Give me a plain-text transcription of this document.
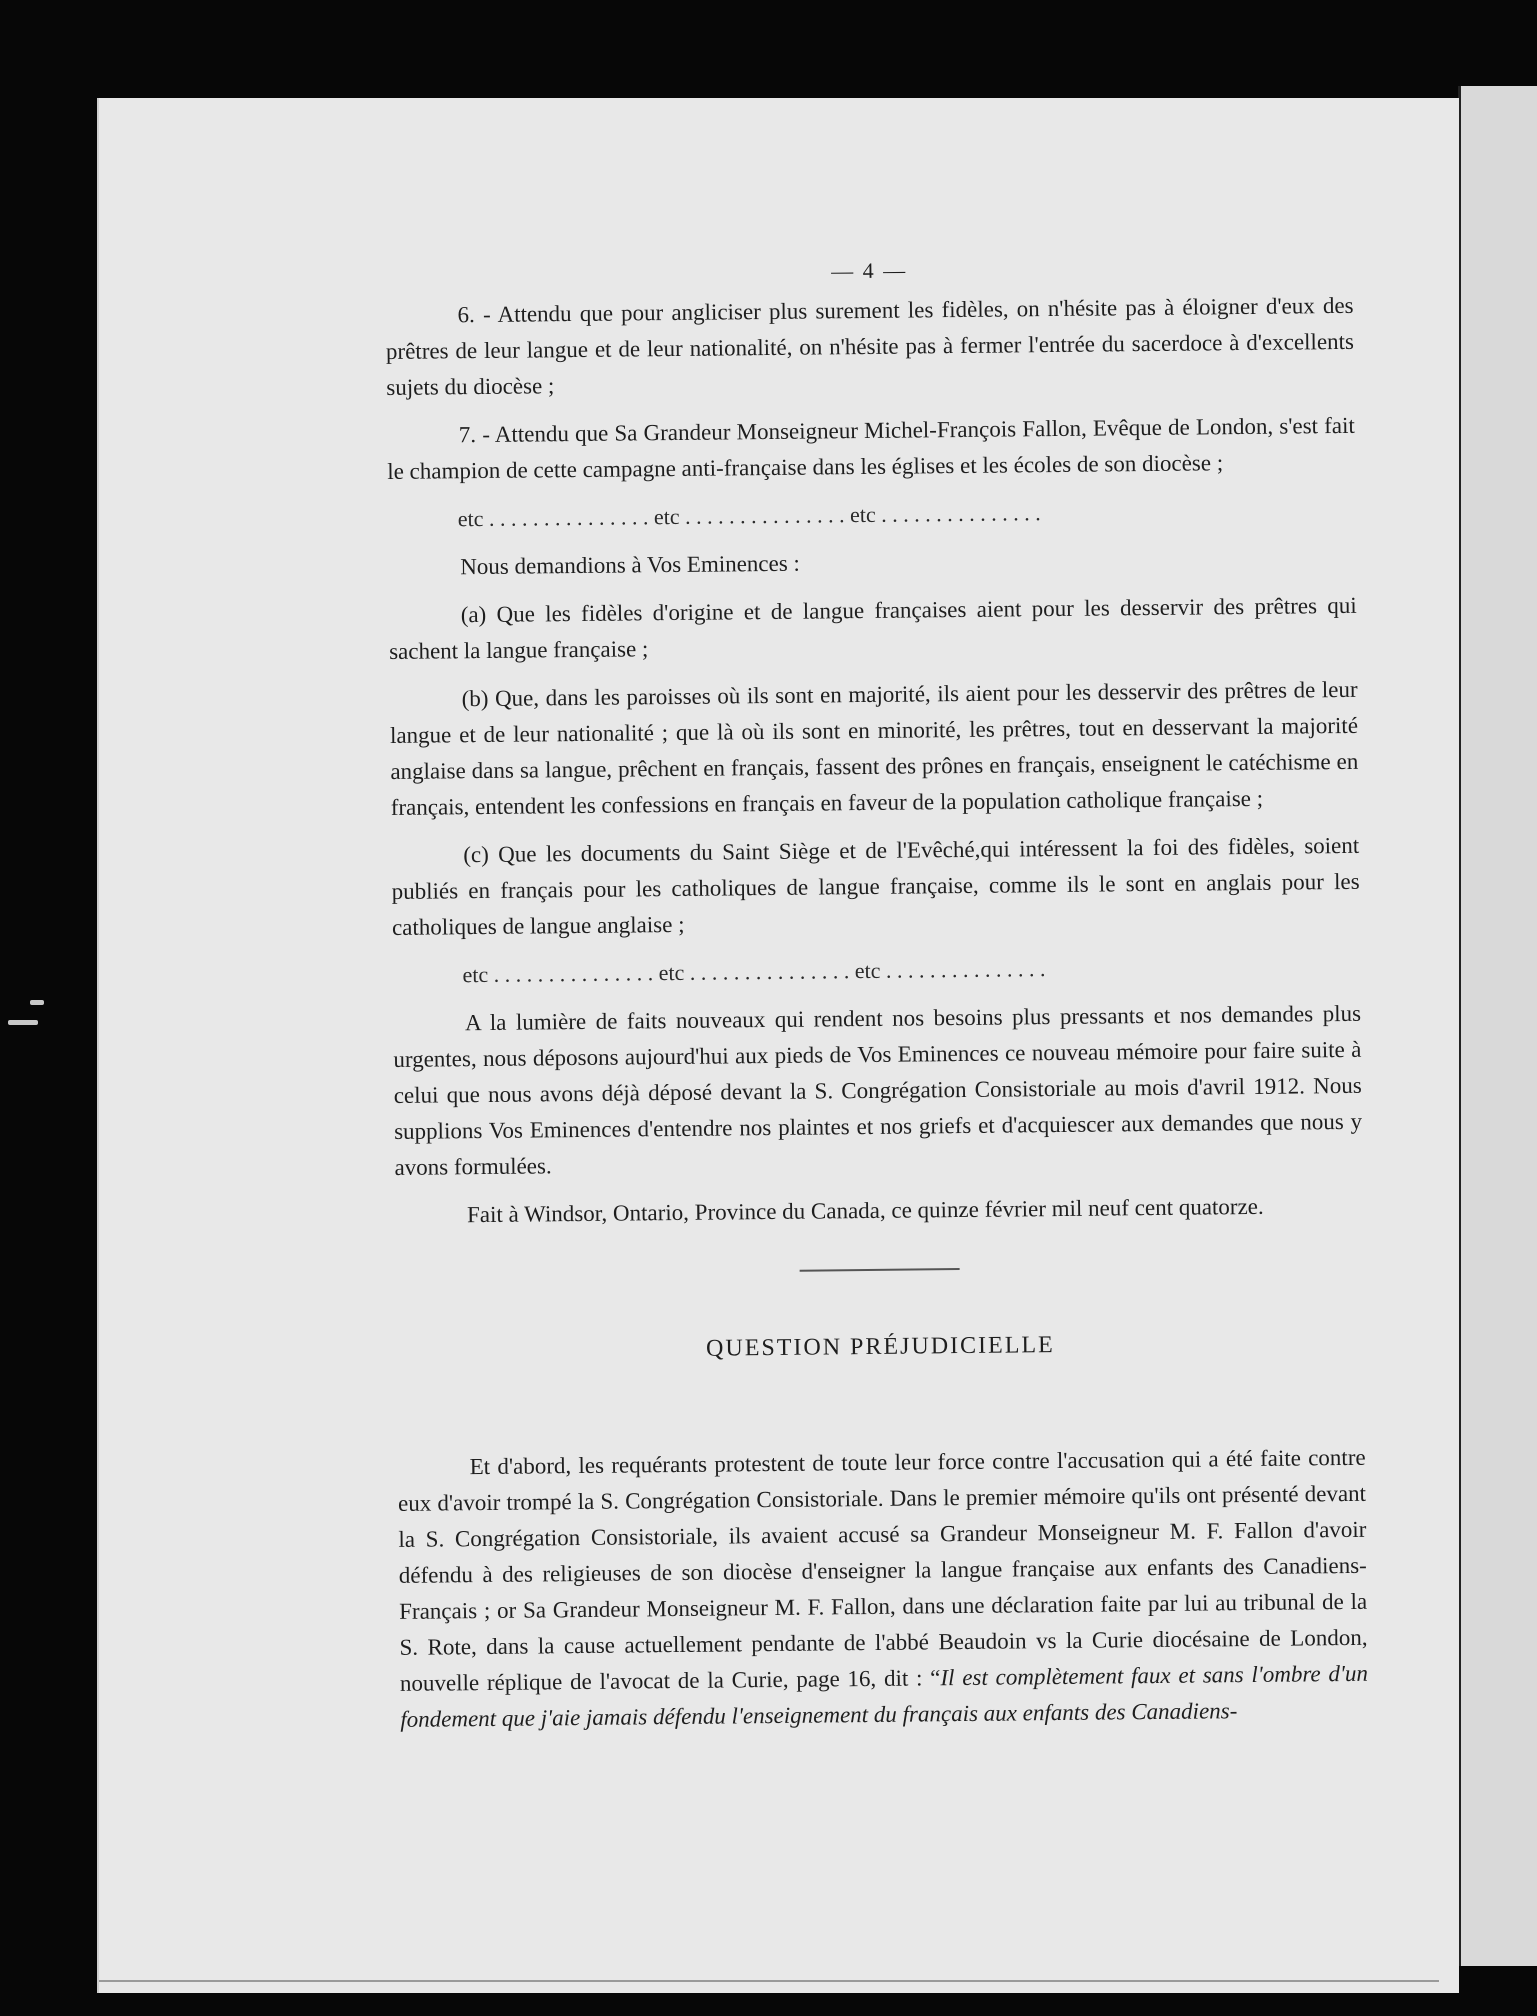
— 4 —

6. - Attendu que pour angliciser plus surement les fidèles, on n'hésite pas à éloigner d'eux des prêtres de leur langue et de leur nationalité, on n'hésite pas à fermer l'entrée du sacerdoce à d'excellents sujets du diocèse ;

7. - Attendu que Sa Grandeur Monseigneur Michel-François Fallon, Evêque de London, s'est fait le champion de cette campagne anti-française dans les églises et les écoles de son diocèse ;

etc . . . . . . . . . . . . . . . etc . . . . . . . . . . . . . . . etc . . . . . . . . . . . . . . .

Nous demandions à Vos Eminences :

(a) Que les fidèles d'origine et de langue françaises aient pour les desservir des prêtres qui sachent la langue française ;

(b) Que, dans les paroisses où ils sont en majorité, ils aient pour les desservir des prêtres de leur langue et de leur nationalité ; que là où ils sont en minorité, les prêtres, tout en desservant la majorité anglaise dans sa langue, prêchent en français, fassent des prônes en français, enseignent le catéchisme en français, entendent les confessions en français en faveur de la population catholique française ;

(c) Que les documents du Saint Siège et de l'Evêché,qui intéressent la foi des fidèles, soient publiés en français pour les catholiques de langue française, comme ils le sont en anglais pour les catholiques de langue anglaise ;

etc . . . . . . . . . . . . . . . etc . . . . . . . . . . . . . . . etc . . . . . . . . . . . . . . .

A la lumière de faits nouveaux qui rendent nos besoins plus pressants et nos demandes plus urgentes, nous déposons aujourd'hui aux pieds de Vos Eminences ce nouveau mémoire pour faire suite à celui que nous avons déjà déposé devant la S. Congrégation Consistoriale au mois d'avril 1912. Nous supplions Vos Eminences d'entendre nos plaintes et nos griefs et d'acquiescer aux demandes que nous y avons formulées.

Fait à Windsor, Ontario, Province du Canada, ce quinze février mil neuf cent quatorze.

QUESTION PRÉJUDICIELLE

Et d'abord, les requérants protestent de toute leur force contre l'accusation qui a été faite contre eux d'avoir trompé la S. Congrégation Consistoriale. Dans le premier mémoire qu'ils ont présenté devant la S. Congrégation Consistoriale, ils avaient accusé sa Grandeur Monseigneur M. F. Fallon d'avoir défendu à des religieuses de son diocèse d'enseigner la langue française aux enfants des Canadiens-Français ; or Sa Grandeur Monseigneur M. F. Fallon, dans une déclaration faite par lui au tribunal de la S. Rote, dans la cause actuellement pendante de l'abbé Beaudoin vs la Curie diocésaine de London, nouvelle réplique de l'avocat de la Curie, page 16, dit : “Il est complètement faux et sans l'ombre d'un fondement que j'aie jamais défendu l'enseignement du français aux enfants des Canadiens-
